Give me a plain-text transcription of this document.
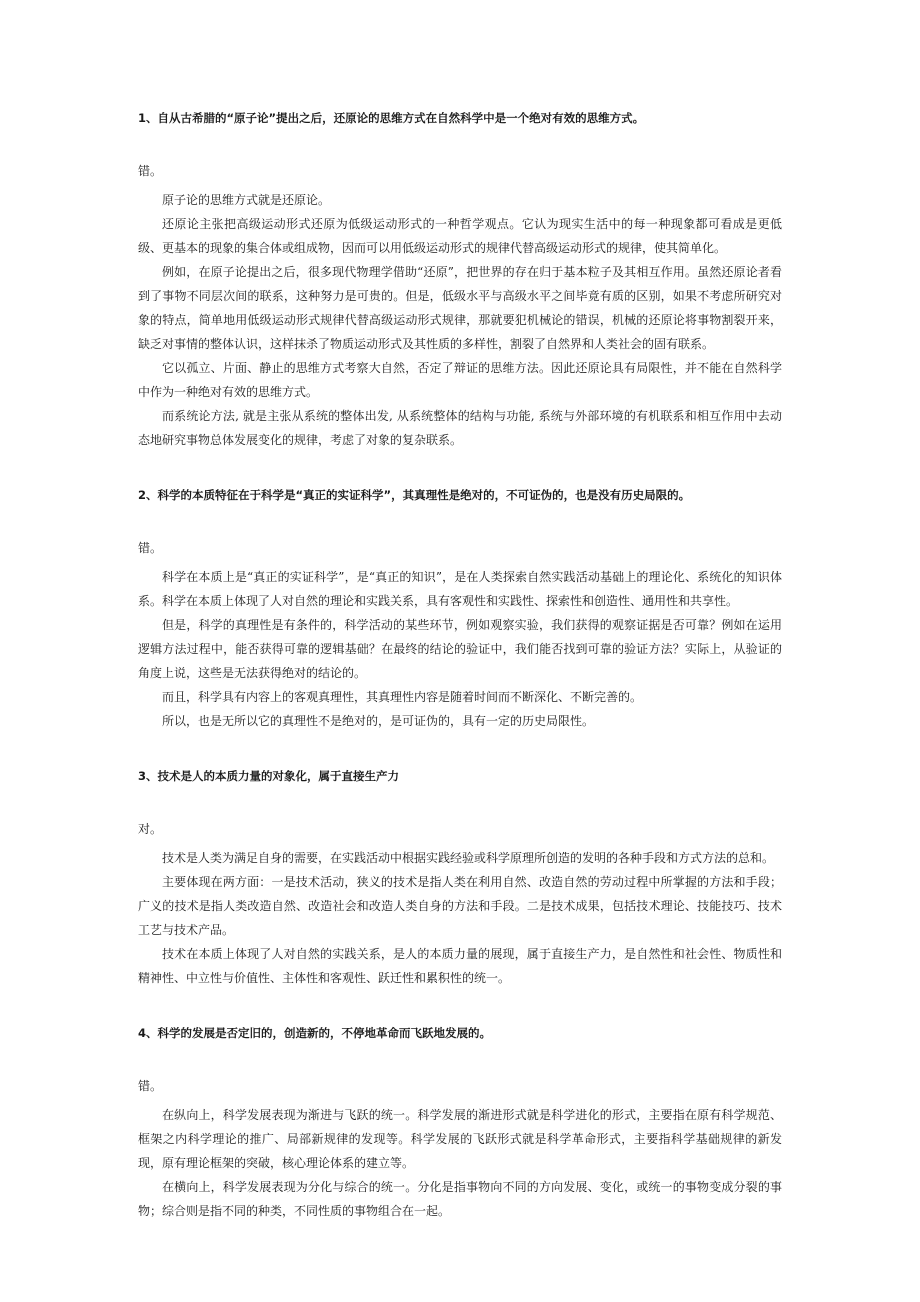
1、自从古希腊的“原子论”提出之后，还原论的思维方式在自然科学中是一个绝对有效的思维方式。

错。

原子论的思维方式就是还原论。

还原论主张把高级运动形式还原为低级运动形式的一种哲学观点。它认为现实生活中的每一种现象都可看成是更低级、更基本的现象的集合体或组成物，因而可以用低级运动形式的规律代替高级运动形式的规律，使其简单化。

例如，在原子论提出之后，很多现代物理学借助“还原”，把世界的存在归于基本粒子及其相互作用。虽然还原论者看到了事物不同层次间的联系，这种努力是可贵的。但是，低级水平与高级水平之间毕竟有质的区别，如果不考虑所研究对象的特点，简单地用低级运动形式规律代替高级运动形式规律，那就要犯机械论的错误，机械的还原论将事物割裂开来，缺乏对事情的整体认识，这样抹杀了物质运动形式及其性质的多样性，割裂了自然界和人类社会的固有联系。

它以孤立、片面、静止的思维方式考察大自然，否定了辩证的思维方法。因此还原论具有局限性，并不能在自然科学中作为一种绝对有效的思维方式。

而系统论方法, 就是主张从系统的整体出发, 从系统整体的结构与功能, 系统与外部环境的有机联系和相互作用中去动态地研究事物总体发展变化的规律，考虑了对象的复杂联系。

2、科学的本质特征在于科学是“真正的实证科学”，其真理性是绝对的，不可证伪的，也是没有历史局限的。

错。

科学在本质上是“真正的实证科学”，是“真正的知识”，是在人类探索自然实践活动基础上的理论化、系统化的知识体系。科学在本质上体现了人对自然的理论和实践关系，具有客观性和实践性、探索性和创造性、通用性和共享性。

但是，科学的真理性是有条件的，科学活动的某些环节，例如观察实验，我们获得的观察证据是否可靠？例如在运用逻辑方法过程中，能否获得可靠的逻辑基础？在最终的结论的验证中，我们能否找到可靠的验证方法？实际上，从验证的角度上说，这些是无法获得绝对的结论的。

而且，科学具有内容上的客观真理性，其真理性内容是随着时间而不断深化、不断完善的。

所以，也是无所以它的真理性不是绝对的，是可证伪的，具有一定的历史局限性。

3、技术是人的本质力量的对象化，属于直接生产力

对。

技术是人类为满足自身的需要，在实践活动中根据实践经验或科学原理所创造的发明的各种手段和方式方法的总和。

主要体现在两方面：一是技术活动，狭义的技术是指人类在利用自然、改造自然的劳动过程中所掌握的方法和手段；广义的技术是指人类改造自然、改造社会和改造人类自身的方法和手段。二是技术成果，包括技术理论、技能技巧、技术工艺与技术产品。

技术在本质上体现了人对自然的实践关系，是人的本质力量的展现，属于直接生产力，是自然性和社会性、物质性和精神性、中立性与价值性、主体性和客观性、跃迁性和累积性的统一。

4、科学的发展是否定旧的，创造新的，不停地革命而飞跃地发展的。

错。

在纵向上，科学发展表现为渐进与飞跃的统一。科学发展的渐进形式就是科学进化的形式，主要指在原有科学规范、框架之内科学理论的推广、局部新规律的发现等。科学发展的飞跃形式就是科学革命形式，主要指科学基础规律的新发现，原有理论框架的突破，核心理论体系的建立等。

在横向上，科学发展表现为分化与综合的统一。分化是指事物向不同的方向发展、变化，或统一的事物变成分裂的事物；综合则是指不同的种类，不同性质的事物组合在一起。
